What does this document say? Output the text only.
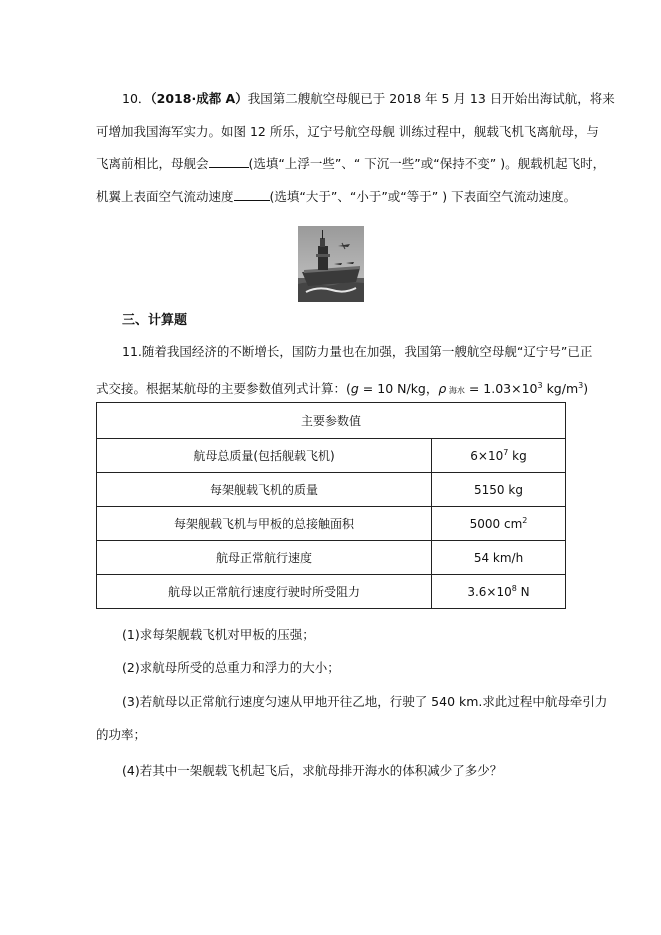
10．（2018·成都 A）我国第二艘航空母舰已于 2018 年 5 月 13 日开始出海试航，将来
可增加我国海军实力。如图 12 所乐，辽宁号航空母舰 训练过程中，舰载飞机飞离航母，与
飞离前相比，母舰会	(选填“上浮一些”、“ 下沉一些”或“保持不变” )。舰载机起飞时，
机翼上表面空气流动速度	(选填“大于”、“小于”或“等于” ) 下表面空气流动速度。
三、计算题
11.随着我国经济的不断增长，国防力量也在加强，我国第一艘航空母舰“辽宁号”已正
式交接。根据某航母的主要参数值列式计算：(g = 10 N/kg，ρ 海水 = $1.03\times 10^3$ $kg/m^3$)
主要参数值	
航母总质量(包括舰载飞机)	$6\times 10^7$ kg
每架舰载飞机的质量	5150 kg
每架舰载飞机与甲板的总接触面积	5000 $cm^2$
航母正常航行速度	54 km/h
航母以正常航行速度行驶时所受阻力	$3.6\times 10^8$ N
(1)求每架舰载飞机对甲板的压强；
(2)求航母所受的总重力和浮力的大小；
(3)若航母以正常航行速度匀速从甲地开往乙地，行驶了 540 km.求此过程中航母牵引力
的功率；
(4)若其中一架舰载飞机起飞后，求航母排开海水的体积减少了多少？
